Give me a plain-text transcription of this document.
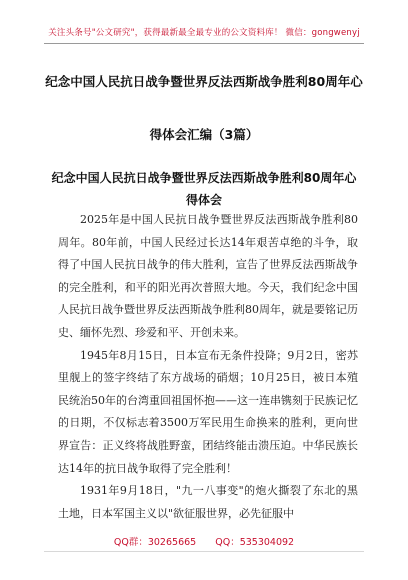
关注头条号"公文研究"，获得最新最全最专业的公文资料库！ 微信：gongwenyj
纪念中国人民抗日战争暨世界反法西斯战争胜利80周年心
得体会汇编（3篇）
纪念中国人民抗日战争暨世界反法西斯战争胜利80周年心
得体会

2025年是中国人民抗日战争暨世界反法西斯战争胜利80周年。80年前，中国人民经过长达14年艰苦卓绝的斗争，取得了中国人民抗日战争的伟大胜利，宣告了世界反法西斯战争的完全胜利，和平的阳光再次普照大地。今天，我们纪念中国人民抗日战争暨世界反法西斯战争胜利80周年，就是要铭记历史、缅怀先烈、珍爱和平、开创未来。

1945年8月15日，日本宣布无条件投降；9月2日，密苏里舰上的签字终结了东方战场的硝烟；10月25日，被日本殖民统治50年的台湾重回祖国怀抱——这一连串镌刻于民族记忆的日期，不仅标志着3500万军民用生命换来的胜利，更向世界宣告：正义终将战胜野蛮，团结终能击溃压迫。中华民族长达14年的抗日战争取得了完全胜利！

1931年9月18日，"九一八事变"的炮火撕裂了东北的黑土地，日本军国主义以"欲征服世界，必先征服中

QQ群：30265665 QQ：535304092
